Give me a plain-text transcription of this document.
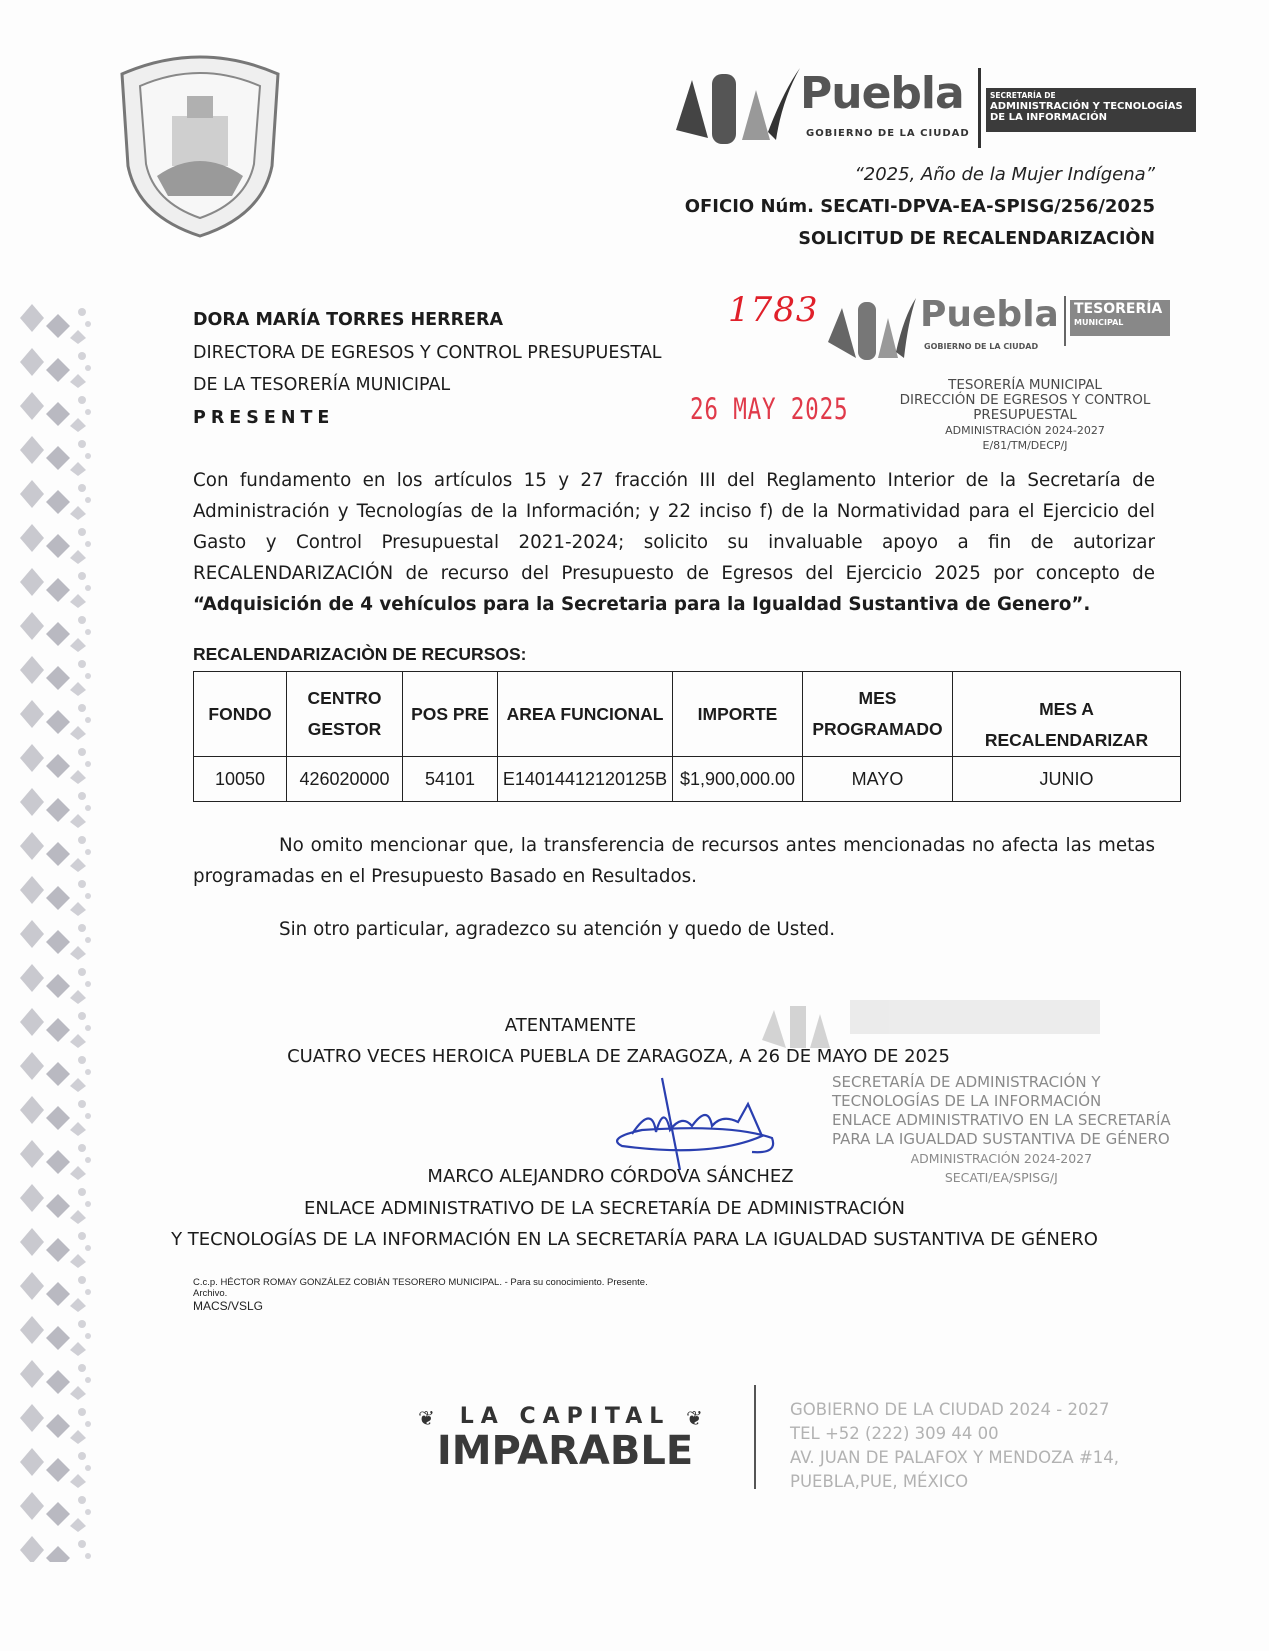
Puebla
GOBIERNO DE LA CIUDAD
SECRETARÍA DE
ADMINISTRACIÓN Y TECNOLOGÍAS
DE LA INFORMACIÓN
“2025, Año de la Mujer Indígena”
OFICIO Núm. SECATI-DPVA-EA-SPISG/256/2025
SOLICITUD DE RECALENDARIZACIÒN
DORA MARÍA TORRES HERRERA
DIRECTORA DE EGRESOS Y CONTROL PRESUPUESTAL
DE LA TESORERÍA MUNICIPAL
PRESENTE
1783	Puebla
GOBIERNO DE LA CIUDAD
TESORERÍA
MUNICIPAL
26 MAY 2025
TESORERÍA MUNICIPAL
DIRECCIÓN DE EGRESOS Y CONTROL
PRESUPUESTAL
ADMINISTRACIÓN 2024-2027
E/81/TM/DECP/J
Con fundamento en los artículos 15 y 27 fracción III del Reglamento Interior de la Secretaría de Administración y Tecnologías de la Información; y 22 inciso f) de la Normatividad para el Ejercicio del Gasto y Control Presupuestal 2021-2024; solicito su invaluable apoyo a fin de autorizar RECALENDARIZACIÓN de recurso del Presupuesto de Egresos del Ejercicio 2025 por concepto de “Adquisición de 4 vehículos para la Secretaria para la Igualdad Sustantiva de Genero”.
RECALENDARIZACIÒN DE RECURSOS:
FONDO	CENTRO GESTOR	POS PRE	AREA FUNCIONAL	IMPORTE	MES PROGRAMADO	MES A RECALENDARIZAR
10050	426020000	54101	E14014412120125B	$1,900,000.00	MAYO	JUNIO
No omito mencionar que, la transferencia de recursos antes mencionadas no afecta las metas programadas en el Presupuesto Basado en Resultados.
Sin otro particular, agradezco su atención y quedo de Usted.
ATENTAMENTE
CUATRO VECES HEROICA PUEBLA DE ZARAGOZA, A 26 DE MAYO DE 2025
SECRETARÍA DE ADMINISTRACIÓN Y
TECNOLOGÍAS DE LA INFORMACIÓN
ENLACE ADMINISTRATIVO EN LA SECRETARÍA
PARA LA IGUALDAD SUSTANTIVA DE GÉNERO
ADMINISTRACIÓN 2024-2027
SECATI/EA/SPISG/J
MARCO ALEJANDRO CÓRDOVA SÁNCHEZ
ENLACE ADMINISTRATIVO DE LA SECRETARÍA DE ADMINISTRACIÓN
Y TECNOLOGÍAS DE LA INFORMACIÓN EN LA SECRETARÍA PARA LA IGUALDAD SUSTANTIVA DE GÉNERO
C.c.p. HÉCTOR ROMAY GONZÁLEZ COBIÁN TESORERO MUNICIPAL. - Para su conocimiento. Presente.
Archivo.
MACS/VSLG
LA CAPITAL
IMPARABLE
❦	❦	GOBIERNO DE LA CIUDAD 2024 - 2027
TEL +52 (222) 309 44 00
AV. JUAN DE PALAFOX Y MENDOZA #14,
PUEBLA,PUE, MÉXICO
